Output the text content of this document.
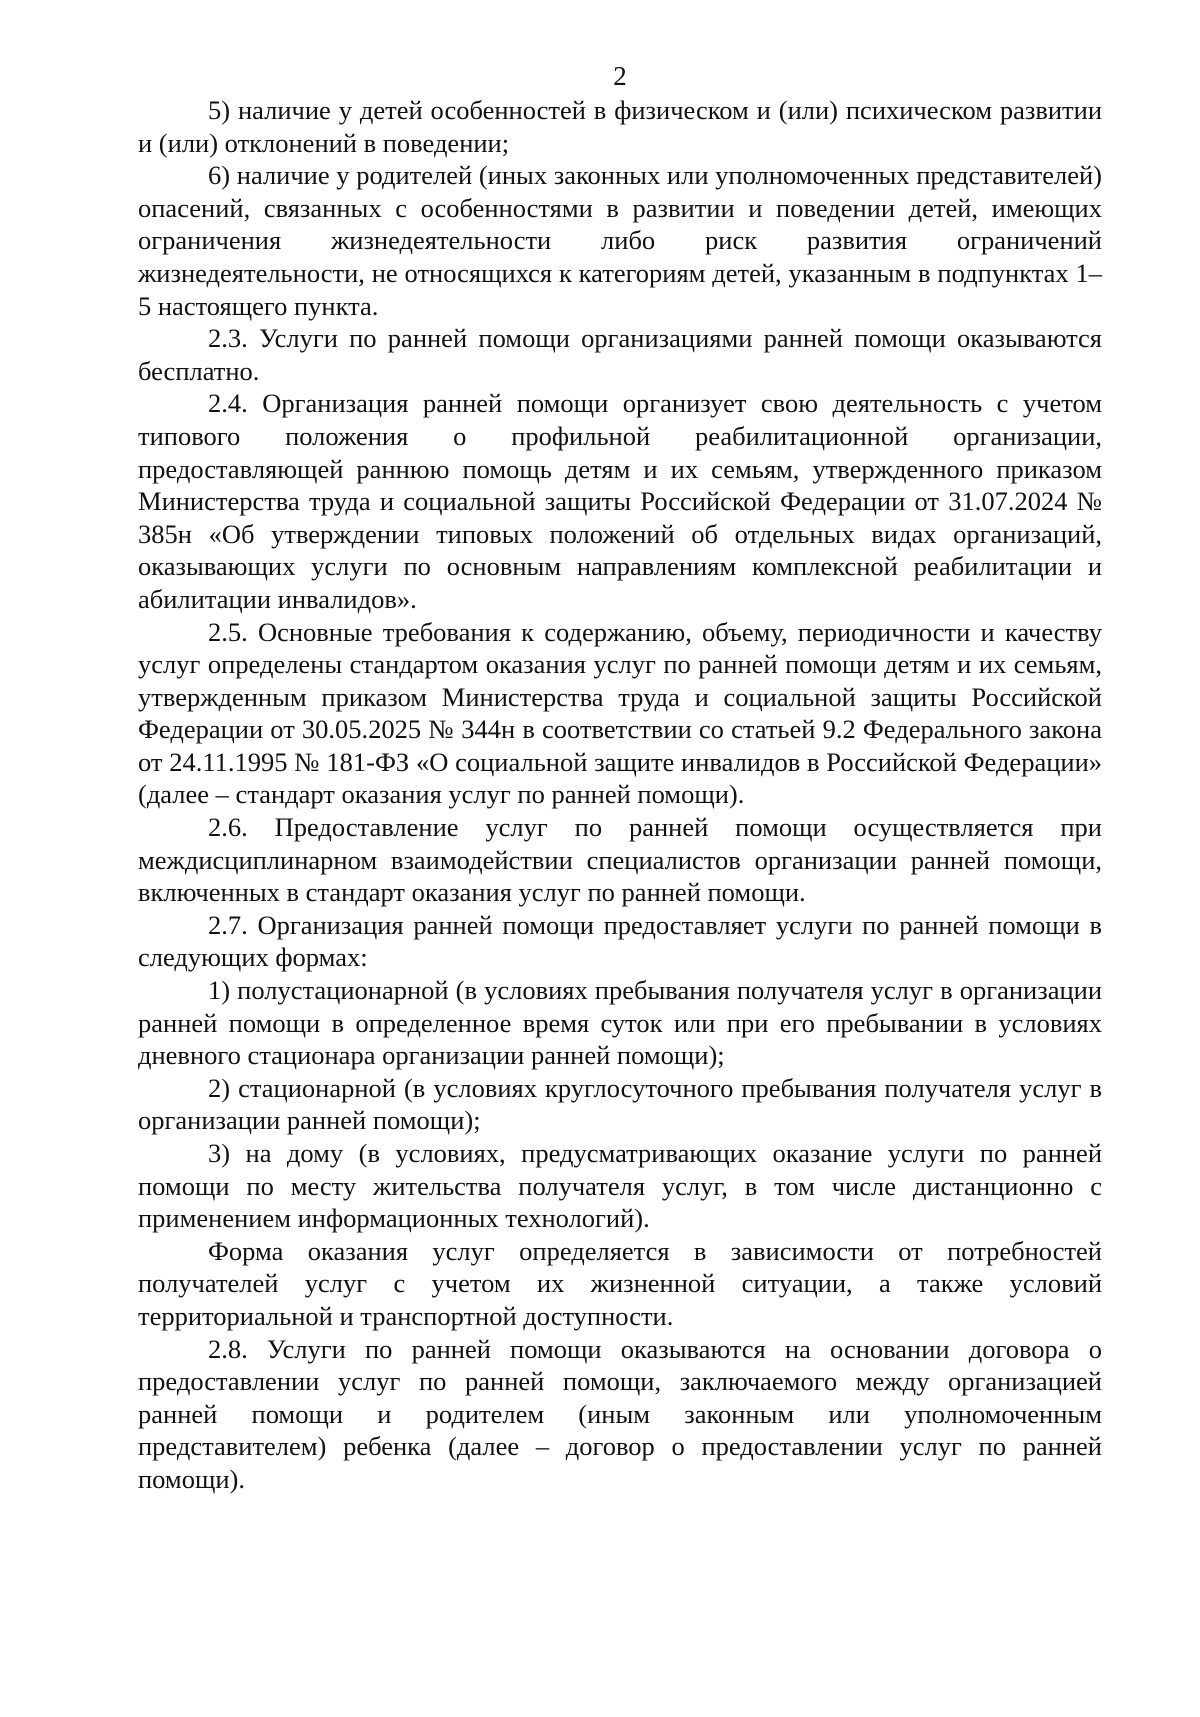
2

5) наличие у детей особенностей в физическом и (или) психическом развитии и (или) отклонений в поведении;

6) наличие у родителей (иных законных или уполномоченных представителей) опасений, связанных с особенностями в развитии и поведении детей, имеющих ограничения жизнедеятельности либо риск развития ограничений жизнедеятельности, не относящихся к категориям детей, указанным в подпунктах 1–5 настоящего пункта.

2.3. Услуги по ранней помощи организациями ранней помощи оказываются бесплатно.

2.4. Организация ранней помощи организует свою деятельность с учетом типового положения о профильной реабилитационной организации, предоставляющей раннюю помощь детям и их семьям, утвержденного приказом Министерства труда и социальной защиты Российской Федерации от 31.07.2024 № 385н «Об утверждении типовых положений об отдельных видах организаций, оказывающих услуги по основным направлениям комплексной реабилитации и абилитации инвалидов».

2.5. Основные требования к содержанию, объему, периодичности и качеству услуг определены стандартом оказания услуг по ранней помощи детям и их семьям, утвержденным приказом Министерства труда и социальной защиты Российской Федерации от 30.05.2025 № 344н в соответствии со статьей 9.2 Федерального закона от 24.11.1995 № 181-ФЗ «О социальной защите инвалидов в Российской Федерации» (далее – стандарт оказания услуг по ранней помощи).

2.6. Предоставление услуг по ранней помощи осуществляется при междисциплинарном взаимодействии специалистов организации ранней помощи, включенных в стандарт оказания услуг по ранней помощи.

2.7. Организация ранней помощи предоставляет услуги по ранней помощи в следующих формах:

1) полустационарной (в условиях пребывания получателя услуг в организации ранней помощи в определенное время суток или при его пребывании в условиях дневного стационара организации ранней помощи);

2) стационарной (в условиях круглосуточного пребывания получателя услуг в организации ранней помощи);

3) на дому (в условиях, предусматривающих оказание услуги по ранней помощи по месту жительства получателя услуг, в том числе дистанционно с применением информационных технологий).

Форма оказания услуг определяется в зависимости от потребностей получателей услуг с учетом их жизненной ситуации, а также условий территориальной и транспортной доступности.

2.8. Услуги по ранней помощи оказываются на основании договора о предоставлении услуг по ранней помощи, заключаемого между организацией ранней помощи и родителем (иным законным или уполномоченным представителем) ребенка (далее – договор о предоставлении услуг по ранней помощи).
